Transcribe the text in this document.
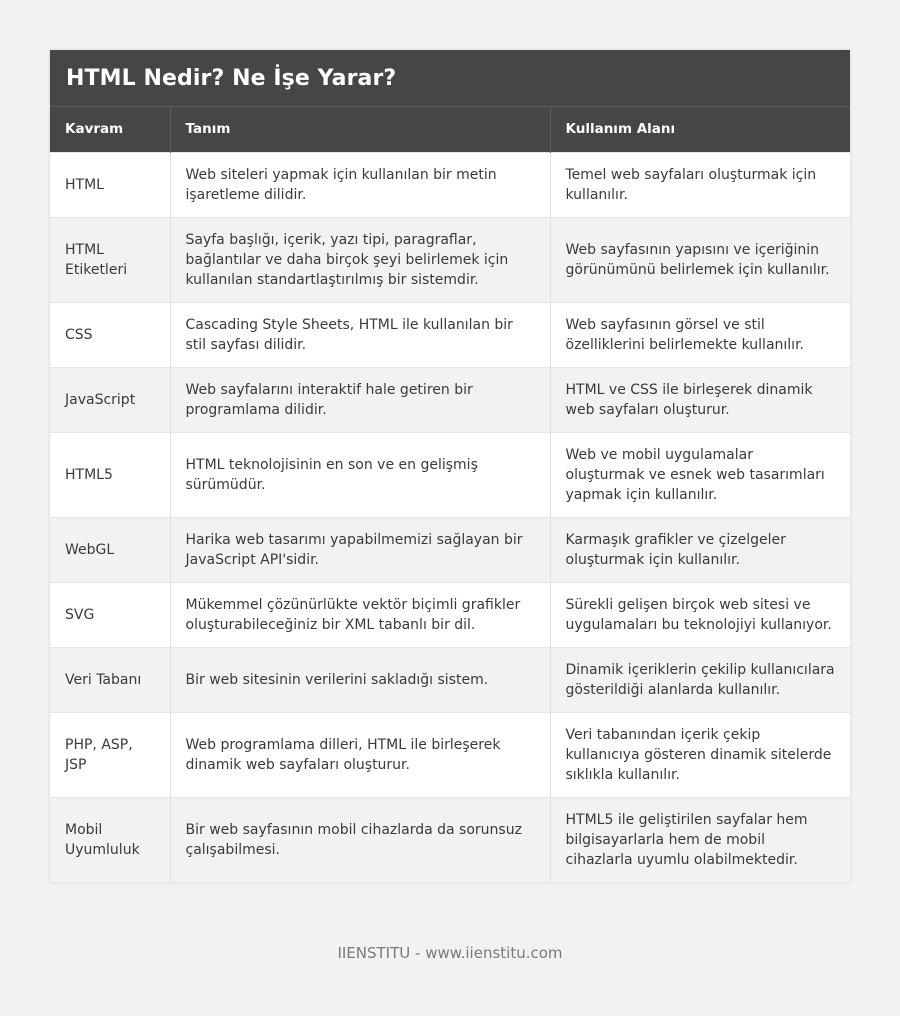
HTML Nedir? Ne İşe Yarar?
Kavram	Tanım	Kullanım Alanı
HTML	Web siteleri yapmak için kullanılan bir metin işaretleme dilidir.	Temel web sayfaları oluşturmak için kullanılır.
HTML Etiketleri	Sayfa başlığı, içerik, yazı tipi, paragraflar, bağlantılar ve daha birçok şeyi belirlemek için kullanılan standartlaştırılmış bir sistemdir.	Web sayfasının yapısını ve içeriğinin görünümünü belirlemek için kullanılır.
CSS	Cascading Style Sheets, HTML ile kullanılan bir stil sayfası dilidir.	Web sayfasının görsel ve stil özelliklerini belirlemekte kullanılır.
JavaScript	Web sayfalarını interaktif hale getiren bir programlama dilidir.	HTML ve CSS ile birleşerek dinamik web sayfaları oluşturur.
HTML5	HTML teknolojisinin en son ve en gelişmiş sürümüdür.	Web ve mobil uygulamalar oluşturmak ve esnek web tasarımları yapmak için kullanılır.
WebGL	Harika web tasarımı yapabilmemizi sağlayan bir JavaScript API'sidir.	Karmaşık grafikler ve çizelgeler oluşturmak için kullanılır.
SVG	Mükemmel çözünürlükte vektör biçimli grafikler oluşturabileceğiniz bir XML tabanlı bir dil.	Sürekli gelişen birçok web sitesi ve uygulamaları bu teknolojiyi kullanıyor.
Veri Tabanı	Bir web sitesinin verilerini sakladığı sistem.	Dinamik içeriklerin çekilip kullanıcılara gösterildiği alanlarda kullanılır.
PHP, ASP, JSP	Web programlama dilleri, HTML ile birleşerek dinamik web sayfaları oluşturur.	Veri tabanından içerik çekip kullanıcıya gösteren dinamik sitelerde sıklıkla kullanılır.
Mobil Uyumluluk	Bir web sayfasının mobil cihazlarda da sorunsuz çalışabilmesi.	HTML5 ile geliştirilen sayfalar hem bilgisayarlarla hem de mobil cihazlarla uyumlu olabilmektedir.
IIENSTITU - www.iienstitu.com
